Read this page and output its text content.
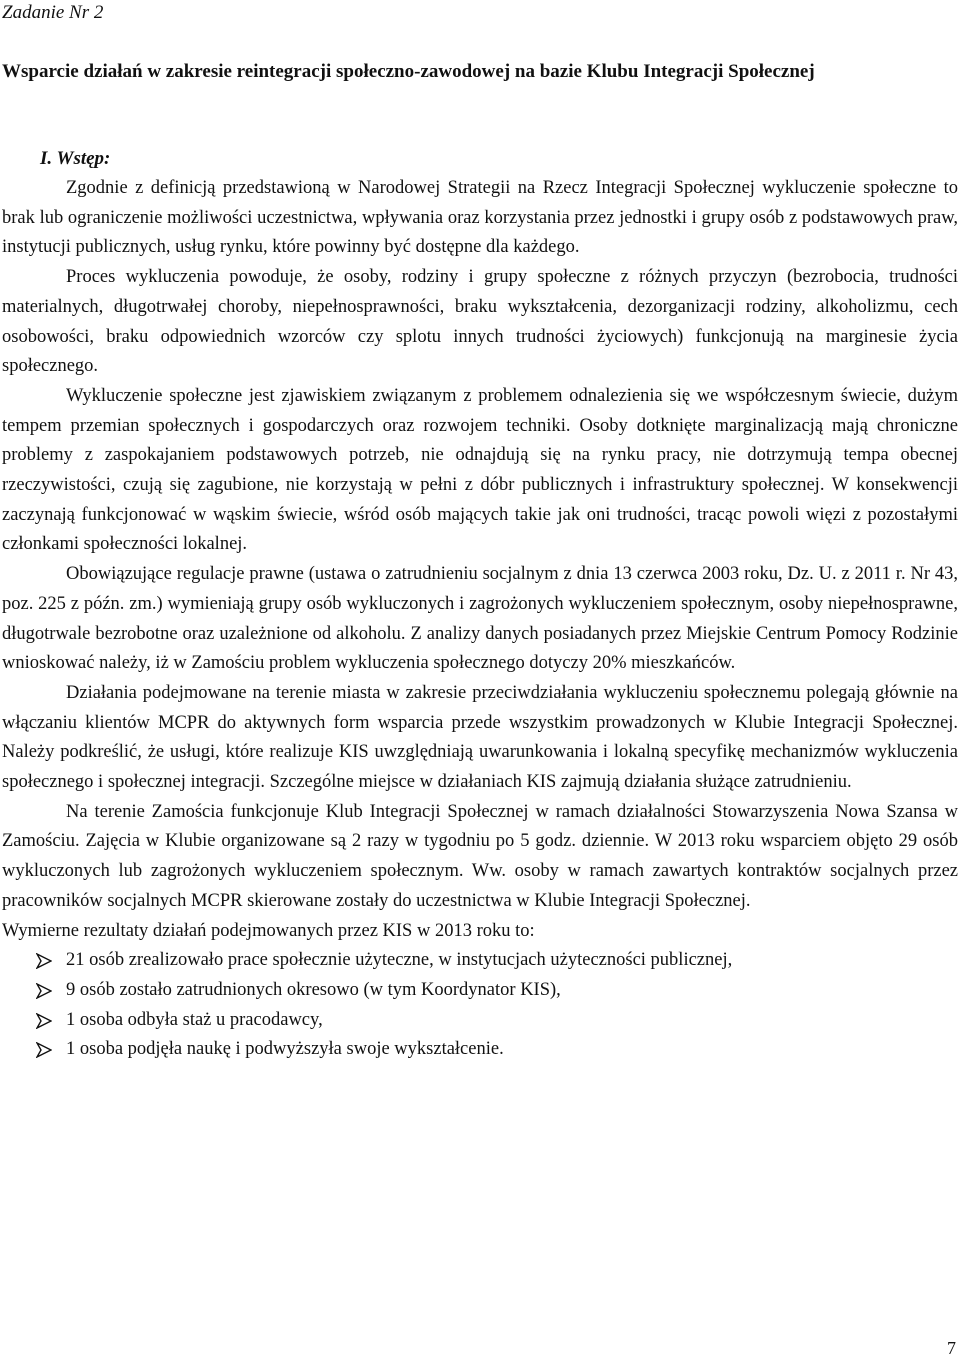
Zadanie Nr 2

Wsparcie działań w zakresie reintegracji społeczno-zawodowej na bazie Klubu Integracji Społecznej
I. Wstęp:

Zgodnie z definicją przedstawioną w Narodowej Strategii na Rzecz Integracji Społecznej wykluczenie społeczne to brak lub ograniczenie możliwości uczestnictwa, wpływania oraz korzystania przez jednostki i grupy osób z podstawowych praw, instytucji publicznych, usług rynku, które powinny być dostępne dla każdego.

Proces wykluczenia powoduje, że osoby, rodziny i grupy społeczne z różnych przyczyn (bezrobocia, trudności materialnych, długotrwałej choroby, niepełnosprawności, braku wykształcenia, dezorganizacji rodziny, alkoholizmu, cech osobowości, braku odpowiednich wzorców czy splotu innych trudności życiowych) funkcjonują na marginesie życia społecznego.

Wykluczenie społeczne jest zjawiskiem związanym z problemem odnalezienia się we współczesnym świecie, dużym tempem przemian społecznych i gospodarczych oraz rozwojem techniki. Osoby dotknięte marginalizacją mają chroniczne problemy z zaspokajaniem podstawowych potrzeb, nie odnajdują się na rynku pracy, nie dotrzymują tempa obecnej rzeczywistości, czują się zagubione, nie korzystają w pełni z dóbr publicznych i infrastruktury społecznej. W konsekwencji zaczynają funkcjonować w wąskim świecie, wśród osób mających takie jak oni trudności, tracąc powoli więzi z pozostałymi członkami społeczności lokalnej.

Obowiązujące regulacje prawne (ustawa o zatrudnieniu socjalnym z dnia 13 czerwca 2003 roku, Dz. U. z 2011 r. Nr 43, poz. 225 z późn. zm.) wymieniają grupy osób wykluczonych i zagrożonych wykluczeniem społecznym, osoby niepełnosprawne, długotrwale bezrobotne oraz uzależnione od alkoholu. Z analizy danych posiadanych przez Miejskie Centrum Pomocy Rodzinie wnioskować należy, iż w Zamościu problem wykluczenia społecznego dotyczy 20% mieszkańców.

Działania podejmowane na terenie miasta w zakresie przeciwdziałania wykluczeniu społecznemu polegają głównie na włączaniu klientów MCPR do aktywnych form wsparcia przede wszystkim prowadzonych w Klubie Integracji Społecznej. Należy podkreślić, że usługi, które realizuje KIS uwzględniają uwarunkowania i lokalną specyfikę mechanizmów wykluczenia społecznego i społecznej integracji. Szczególne miejsce w działaniach KIS zajmują działania służące zatrudnieniu.

Na terenie Zamościa funkcjonuje Klub Integracji Społecznej w ramach działalności Stowarzyszenia Nowa Szansa w Zamościu. Zajęcia w Klubie organizowane są 2 razy w tygodniu po 5 godz. dziennie. W 2013 roku wsparciem objęto 29 osób wykluczonych lub zagrożonych wykluczeniem społecznym. Ww. osoby w ramach zawartych kontraktów socjalnych przez pracowników socjalnych MCPR skierowane zostały do uczestnictwa w Klubie Integracji Społecznej.

Wymierne rezultaty działań podejmowanych przez KIS w 2013 roku to:

21 osób zrealizowało prace społecznie użyteczne, w instytucjach użyteczności publicznej,
9 osób zostało zatrudnionych okresowo (w tym Koordynator KIS),
1 osoba odbyła staż u pracodawcy,
1 osoba podjęła naukę i podwyższyła swoje wykształcenie.
7
